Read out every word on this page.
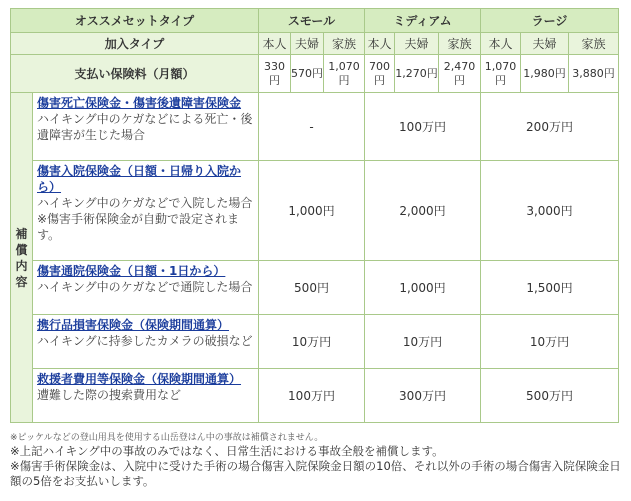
オススメセットタイプ		スモール			ミディアム			ラージ		
加入タイプ		本人	夫婦	家族	本人	夫婦	家族	本人	夫婦	家族
支払い保険料（月額）		330円	570円	1,070円	700円	1,270円	2,470円	1,070円	1,980円	3,880円
補償内容	傷害死亡保険金・傷害後遺障害保険金
ハイキング中のケガなどによる死亡・後遺障害が生じた場合	-			100万円			200万円		
	傷害入院保険金（日額・日帰り入院から）
ハイキング中のケガなどで入院した場合
※傷害手術保険金が自動で設定されます。	1,000円			2,000円			3,000円		
	傷害通院保険金（日額・1日から）
ハイキング中のケガなどで通院した場合	500円			1,000円			1,500円		
	携行品損害保険金（保険期間通算）
ハイキングに持参したカメラの破損など	10万円			10万円			10万円		
	救援者費用等保険金（保険期間通算）
遭難した際の捜索費用など	100万円			300万円			500万円		
※ピッケルなどの登山用具を使用する山岳登はん中の事故は補償されません。
※上記ハイキング中の事故のみではなく、日常生活における事故全般を補償します。
※傷害手術保険金は、入院中に受けた手術の場合傷害入院保険金日額の10倍、それ以外の手術の場合傷害入院保険金日額の5倍をお支払いします。
